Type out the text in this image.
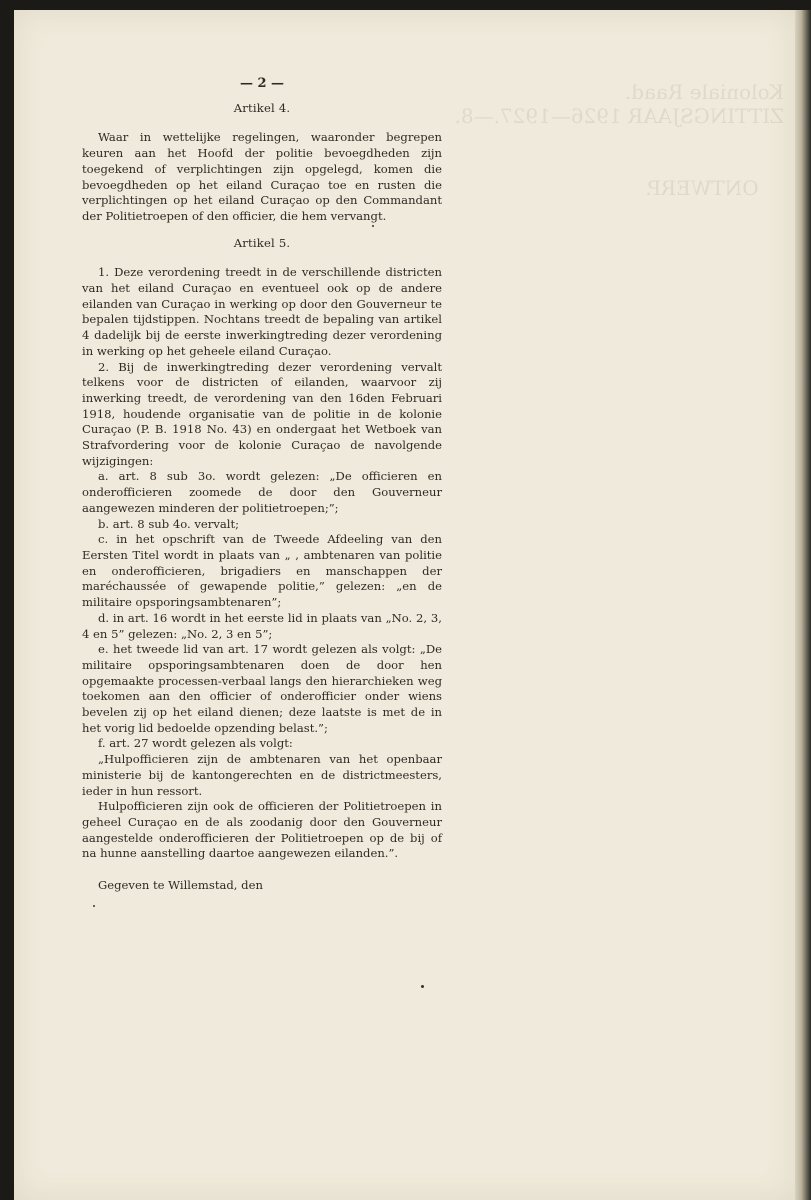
Koloniale Raad.
ZITTINGSJAAR 1926—1927.—8.

ONTWERP.
— 2 —
Artikel 4.

Waar in wettelijke regelingen, waaronder begrepen keuren aan het Hoofd der politie bevoegdheden zijn toegekend of verplichtingen zijn opgelegd, komen die bevoegdheden op het eiland Curaçao toe en rusten die verplichtingen op het eiland Curaçao op den Commandant der Politietroepen of den officier, die hem vervangt.

Artikel 5.

1. Deze verordening treedt in de verschillende districten van het eiland Curaçao en eventueel ook op de andere eilanden van Curaçao in werking op door den Gouverneur te bepalen tijdstippen. Nochtans treedt de bepaling van artikel 4 dadelijk bij de eerste inwerkingtreding dezer verordening in werking op het geheele eiland Curaçao.

2. Bij de inwerkingtreding dezer verordening vervalt telkens voor de districten of eilanden, waarvoor zij inwerking treedt, de verordening van den 16den Februari 1918, houdende organisatie van de politie in de kolonie Curaçao (P. B. 1918 No. 43) en ondergaat het Wetboek van Strafvordering voor de kolonie Curaçao de navolgende wijzigingen:

a. art. 8 sub 3o. wordt gelezen: „De officieren en onderofficieren zoomede de door den Gouverneur aangewezen minderen der politietroepen;”;

b. art. 8 sub 4o. vervalt;

c. in het opschrift van de Tweede Afdeeling van den Eersten Titel wordt in plaats van „ , ambtenaren van politie en onderofficieren, brigadiers en manschappen der maréchaussée of gewapende politie,” gelezen: „en de militaire opsporingsambtenaren”;

d. in art. 16 wordt in het eerste lid in plaats van „No. 2, 3, 4 en 5” gelezen: „No. 2, 3 en 5”;

e. het tweede lid van art. 17 wordt gelezen als volgt: „De militaire opsporingsambtenaren doen de door hen opgemaakte processen-verbaal langs den hierarchieken weg toekomen aan den officier of onderofficier onder wiens bevelen zij op het eiland dienen; deze laatste is met de in het vorig lid bedoelde opzending belast.”;

f. art. 27 wordt gelezen als volgt:

„Hulpofficieren zijn de ambtenaren van het openbaar ministerie bij de kantongerechten en de districtmeesters, ieder in hun ressort.

Hulpofficieren zijn ook de officieren der Politietroepen in geheel Curaçao en de als zoodanig door den Gouverneur aangestelde onderofficieren der Politietroepen op de bij of na hunne aanstelling daartoe aangewezen eilanden.”.

Gegeven te Willemstad, den
